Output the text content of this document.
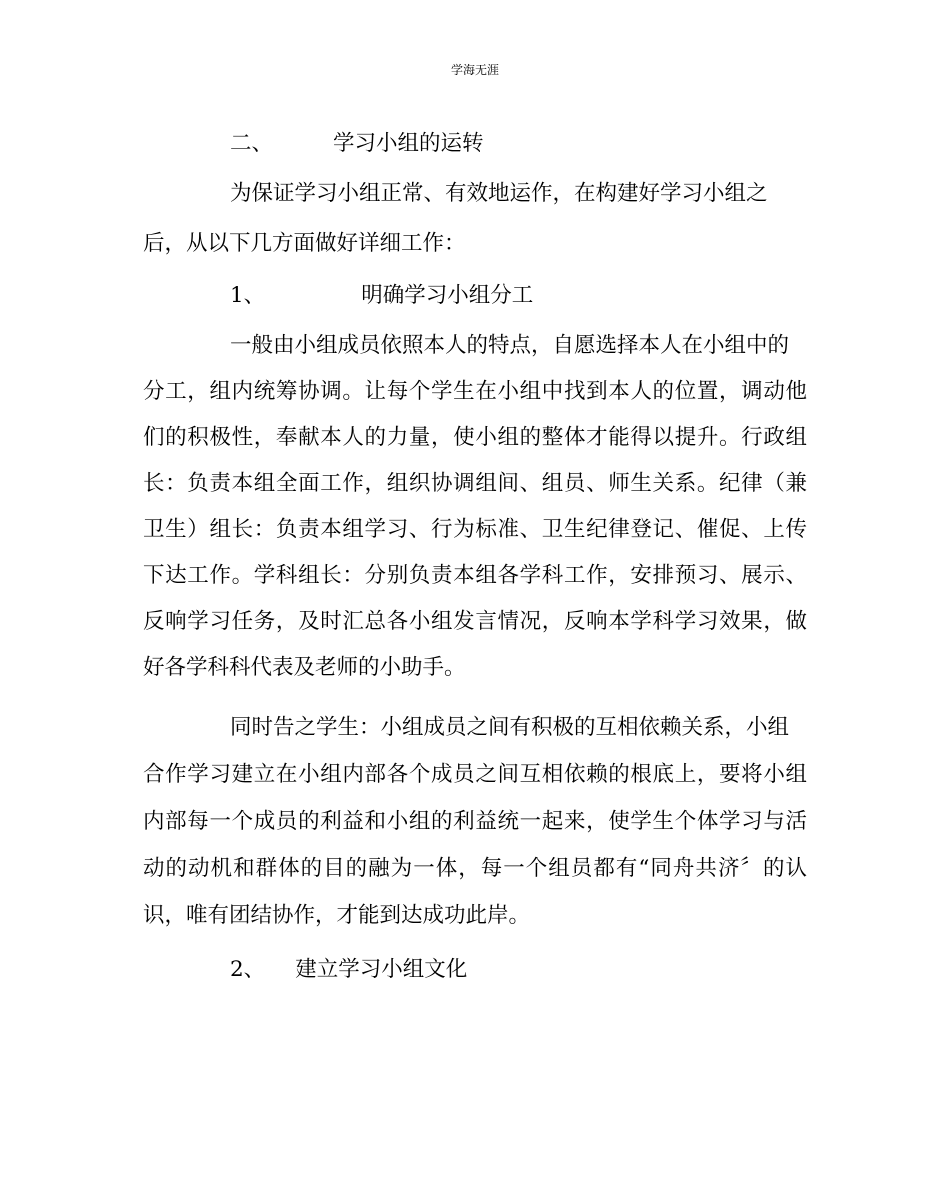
学海无涯
二、	学习小组的运转
为保证学习小组正常、有效地运作，在构建好学习小组之
后，从以下几方面做好详细工作：
1、	明确学习小组分工
一般由小组成员依照本人的特点，自愿选择本人在小组中的
分工，组内统筹协调。让每个学生在小组中找到本人的位置，调动他
们的积极性，奉献本人的力量，使小组的整体才能得以提升。行政组
长：负责本组全面工作，组织协调组间、组员、师生关系。纪律（兼
卫生）组长：负责本组学习、行为标准、卫生纪律登记、催促、上传
下达工作。学科组长：分别负责本组各学科工作，安排预习、展示、
反响学习任务，及时汇总各小组发言情况，反响本学科学习效果，做
好各学科科代表及老师的小助手。
同时告之学生：小组成员之间有积极的互相依赖关系，小组
合作学习建立在小组内部各个成员之间互相依赖的根底上，要将小组
内部每一个成员的利益和小组的利益统一起来，使学生个体学习与活
动的动机和群体的目的融为一体，每一个组员都有“同舟共济〞的认
识，唯有团结协作，才能到达成功此岸。
2、 建立学习小组文化
